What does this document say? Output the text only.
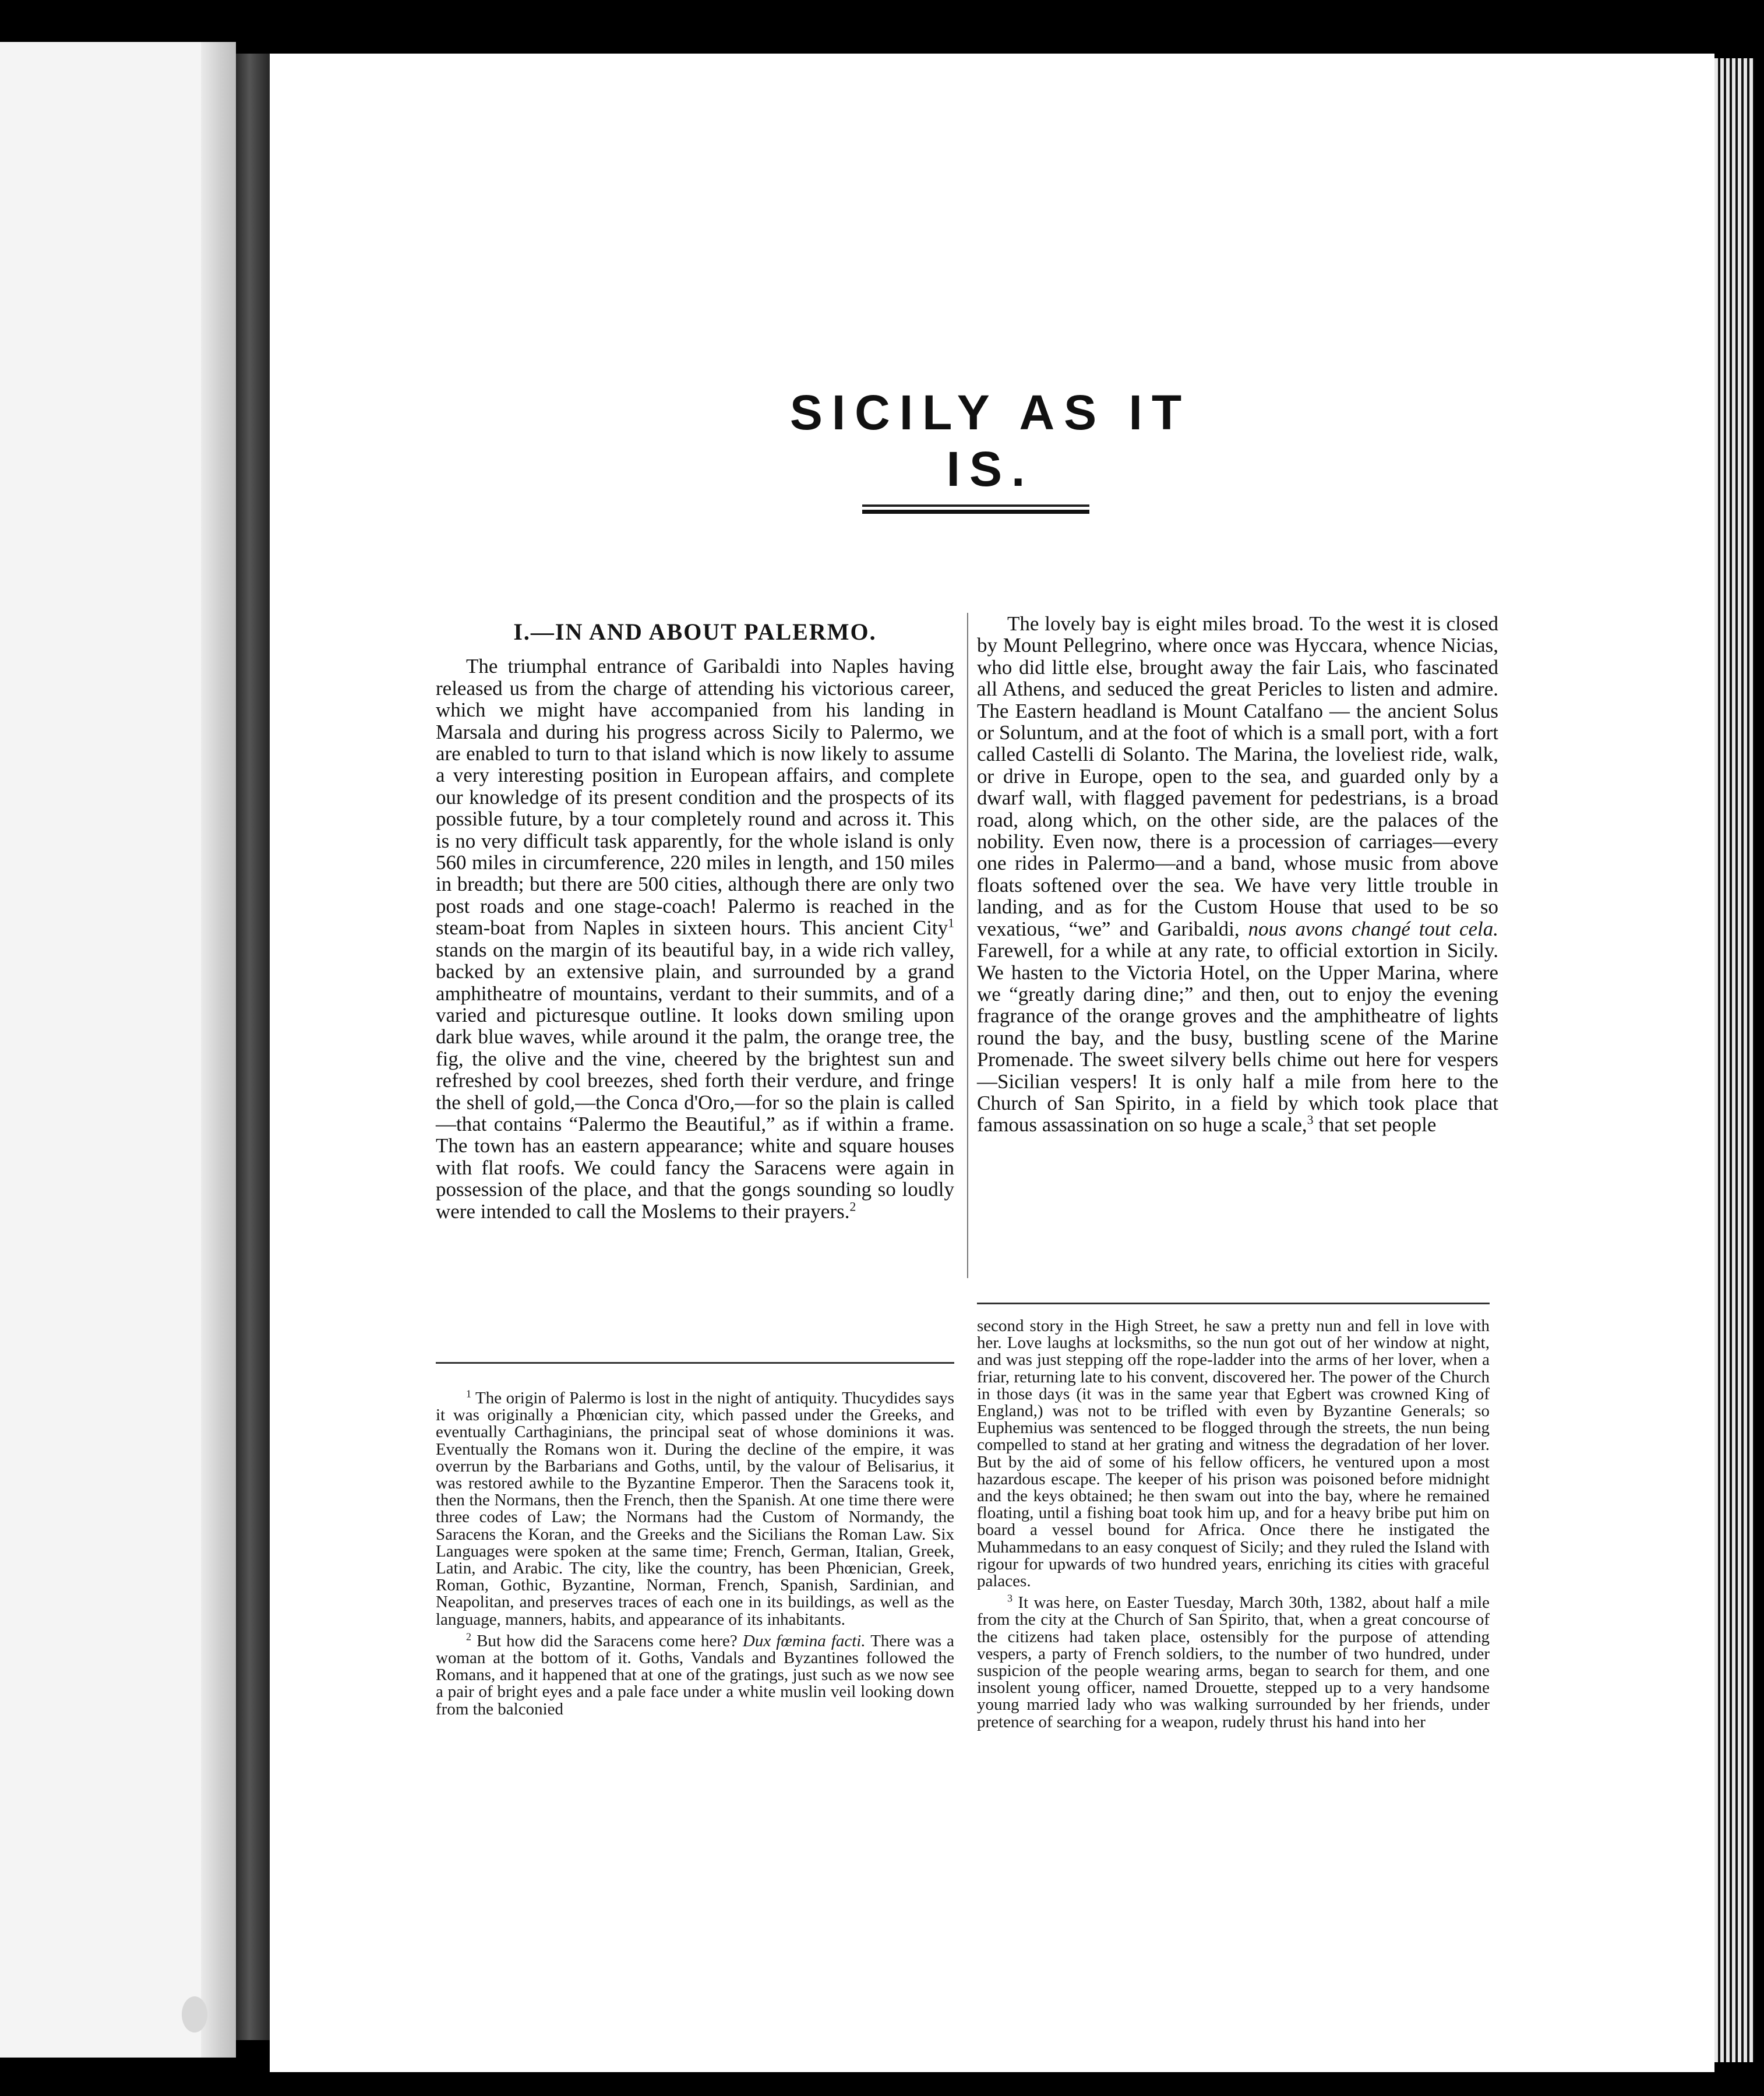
SICILY AS IT IS.
I.—IN AND ABOUT PALERMO.

The triumphal entrance of Garibaldi into Naples having released us from the charge of attending his victorious career, which we might have accompanied from his landing in Marsala and during his progress across Sicily to Palermo, we are enabled to turn to that island which is now likely to assume a very interesting position in European affairs, and complete our knowledge of its present condition and the prospects of its possible future, by a tour completely round and across it. This is no very difficult task apparently, for the whole island is only 560 miles in circumference, 220 miles in length, and 150 miles in breadth; but there are 500 cities, although there are only two post roads and one stage-coach! Palermo is reached in the steam-boat from Naples in sixteen hours. This ancient City$^1$ stands on the margin of its beautiful bay, in a wide rich valley, backed by an extensive plain, and surrounded by a grand amphitheatre of mountains, verdant to their summits, and of a varied and picturesque outline. It looks down smiling upon dark blue waves, while around it the palm, the orange tree, the fig, the olive and the vine, cheered by the brightest sun and refreshed by cool breezes, shed forth their verdure, and fringe the shell of gold,—the Conca d'Oro,—for so the plain is called—that contains “Palermo the Beautiful,” as if within a frame. The town has an eastern appearance; white and square houses with flat roofs. We could fancy the Saracens were again in possession of the place, and that the gongs sounding so loudly were intended to call the Moslems to their prayers.$^2$

The lovely bay is eight miles broad. To the west it is closed by Mount Pellegrino, where once was Hyccara, whence Nicias, who did little else, brought away the fair Lais, who fascinated all Athens, and seduced the great Pericles to listen and admire. The Eastern headland is Mount Catalfano — the ancient Solus or Soluntum, and at the foot of which is a small port, with a fort called Castelli di Solanto. The Marina, the loveliest ride, walk, or drive in Europe, open to the sea, and guarded only by a dwarf wall, with flagged pavement for pedestrians, is a broad road, along which, on the other side, are the palaces of the nobility. Even now, there is a procession of carriages—every one rides in Palermo—and a band, whose music from above floats softened over the sea. We have very little trouble in landing, and as for the Custom House that used to be so vexatious, “we” and Garibaldi, nous avons changé tout cela. Farewell, for a while at any rate, to official extortion in Sicily. We hasten to the Victoria Hotel, on the Upper Marina, where we “greatly daring dine;” and then, out to enjoy the evening fragrance of the orange groves and the amphitheatre of lights round the bay, and the busy, bustling scene of the Marine Promenade. The sweet silvery bells chime out here for vespers—Sicilian vespers! It is only half a mile from here to the Church of San Spirito, in a field by which took place that famous assassination on so huge a scale,$^3$ that set people

$^1$ The origin of Palermo is lost in the night of antiquity. Thucydides says it was originally a Phœnician city, which passed under the Greeks, and eventually Carthaginians, the principal seat of whose dominions it was. Eventually the Romans won it. During the decline of the empire, it was overrun by the Barbarians and Goths, until, by the valour of Belisarius, it was restored awhile to the Byzantine Emperor. Then the Saracens took it, then the Normans, then the French, then the Spanish. At one time there were three codes of Law; the Normans had the Custom of Normandy, the Saracens the Koran, and the Greeks and the Sicilians the Roman Law. Six Languages were spoken at the same time; French, German, Italian, Greek, Latin, and Arabic. The city, like the country, has been Phœnician, Greek, Roman, Gothic, Byzantine, Norman, French, Spanish, Sardinian, and Neapolitan, and preserves traces of each one in its buildings, as well as the language, manners, habits, and appearance of its inhabitants.

$^2$ But how did the Saracens come here? Dux fœmina facti. There was a woman at the bottom of it. Goths, Vandals and Byzantines followed the Romans, and it happened that at one of the gratings, just such as we now see a pair of bright eyes and a pale face under a white muslin veil looking down from the balconied

second story in the High Street, he saw a pretty nun and fell in love with her. Love laughs at locksmiths, so the nun got out of her window at night, and was just stepping off the rope-ladder into the arms of her lover, when a friar, returning late to his convent, discovered her. The power of the Church in those days (it was in the same year that Egbert was crowned King of England,) was not to be trifled with even by Byzantine Generals; so Euphemius was sentenced to be flogged through the streets, the nun being compelled to stand at her grating and witness the degradation of her lover. But by the aid of some of his fellow officers, he ventured upon a most hazardous escape. The keeper of his prison was poisoned before midnight and the keys obtained; he then swam out into the bay, where he remained floating, until a fishing boat took him up, and for a heavy bribe put him on board a vessel bound for Africa. Once there he instigated the Muhammedans to an easy conquest of Sicily; and they ruled the Island with rigour for upwards of two hundred years, enriching its cities with graceful palaces.

$^3$ It was here, on Easter Tuesday, March 30th, 1382, about half a mile from the city at the Church of San Spirito, that, when a great concourse of the citizens had taken place, ostensibly for the purpose of attending vespers, a party of French soldiers, to the number of two hundred, under suspicion of the people wearing arms, began to search for them, and one insolent young officer, named Drouette, stepped up to a very handsome young married lady who was walking surrounded by her friends, under pretence of searching for a weapon, rudely thrust his hand into her
